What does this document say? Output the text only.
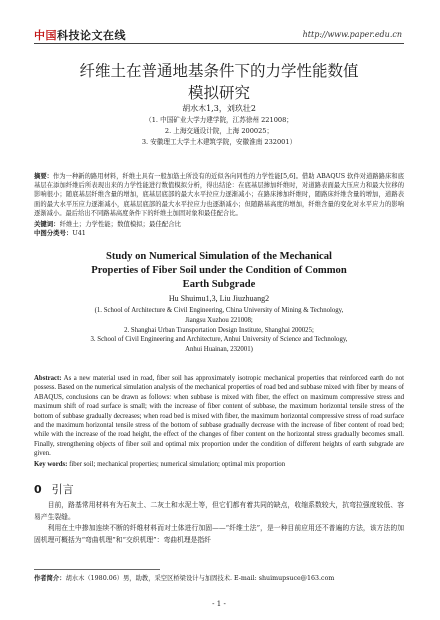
中国科技论文在线	http://www.paper.edu.cn
纤维土在普通地基条件下的力学性能数值
模拟研究
胡水木1,3，刘玖壮2
（1. 中国矿业大学力建学院，江苏徐州 221008；
2. 上海交通设计院，上海 200025；
3. 安徽理工大学土木建筑学院，安徽淮南 232001）
摘要：作为一种新的路用材料，纤维土具有一般加筋土所没有的近似各向同性的力学性能[5,6]。借助 ABAQUS 软件对道路路床和底基层在添加纤维后所表现出来的力学性能进行数值模拟分析，得出结论：在底基层掺加纤维时，对道路表面最大压应力和最大位移的影响很小；随底基层纤维含量的增加，底基层底部的最大水平拉应力逐渐减小；在路床掺加纤维时，随路床纤维含量的增加，道路表面的最大水平压应力逐渐减小，底基层底部的最大水平拉应力也逐渐减小；但随路基高度的增加，纤维含量的变化对水平应力的影响逐渐减小。最后给出不同路基高度条件下的纤维土加固对象和最佳配合比。
关键词：纤维土；力学性能；数值模拟；最佳配合比
中图分类号：U41
Study on Numerical Simulation of the Mechanical
Properties of Fiber Soil under the Condition of Common
Earth Subgrade
Hu Shuimu1,3, Liu Jiuzhuang2
(1. School of Architecture & Civil Engineering, China University of Mining & Technology,
Jiangsu Xuzhou 221008;
2. Shanghai Urban Transportation Design Institute, Shanghai 200025;
3. School of Civil Engineering and Architecture, Anhui University of Science and Technology,
Anhui Huainan, 232001)
Abstract: As a new material used in road, fiber soil has approximately isotropic mechanical properties that reinforced earth do not possess. Based on the numerical simulation analysis of the mechanical properties of road bed and subbase mixed with fiber by means of ABAQUS, conclusions can be drawn as follows: when subbase is mixed with fiber, the effect on maximum compressive stress and maximum shift of road surface is small; with the increase of fiber content of subbase, the maximum horizontal tensile stress of the bottom of subbase gradually decreases; when road bed is mixed with fiber, the maximum horizontal compressive stress of road surface and the maximum horizontal tensile stress of the bottom of subbase gradually decrease with the increase of fiber content of road bed; while with the increase of the road height, the effect of the changes of fiber content on the horizontal stress gradually becomes small. Finally, strengthening objects of fiber soil and optimal mix proportion under the condition of different heights of earth subgrade are given.
Key words: fiber soil; mechanical properties; numerical simulation; optimal mix proportion
0 引言
目前，路基常用材料有为石灰土、二灰土和水泥土等，但它们都有着共同的缺点，收缩系数较大，抗弯拉强度较低、容易产生裂缝。
利用在土中掺加连续不断的纤维材料而对土体进行加固——“纤维土法”，是一种目前应用还不普遍的方法，该方法的加固机理可概括为“弯曲机理”和“交织机理”：弯曲机理是指纤
作者简介：胡水木（1980.06）男，助教，采空区桥梁设计与加固技术. E-mail: shuimupsuce@163.com
- 1 -
